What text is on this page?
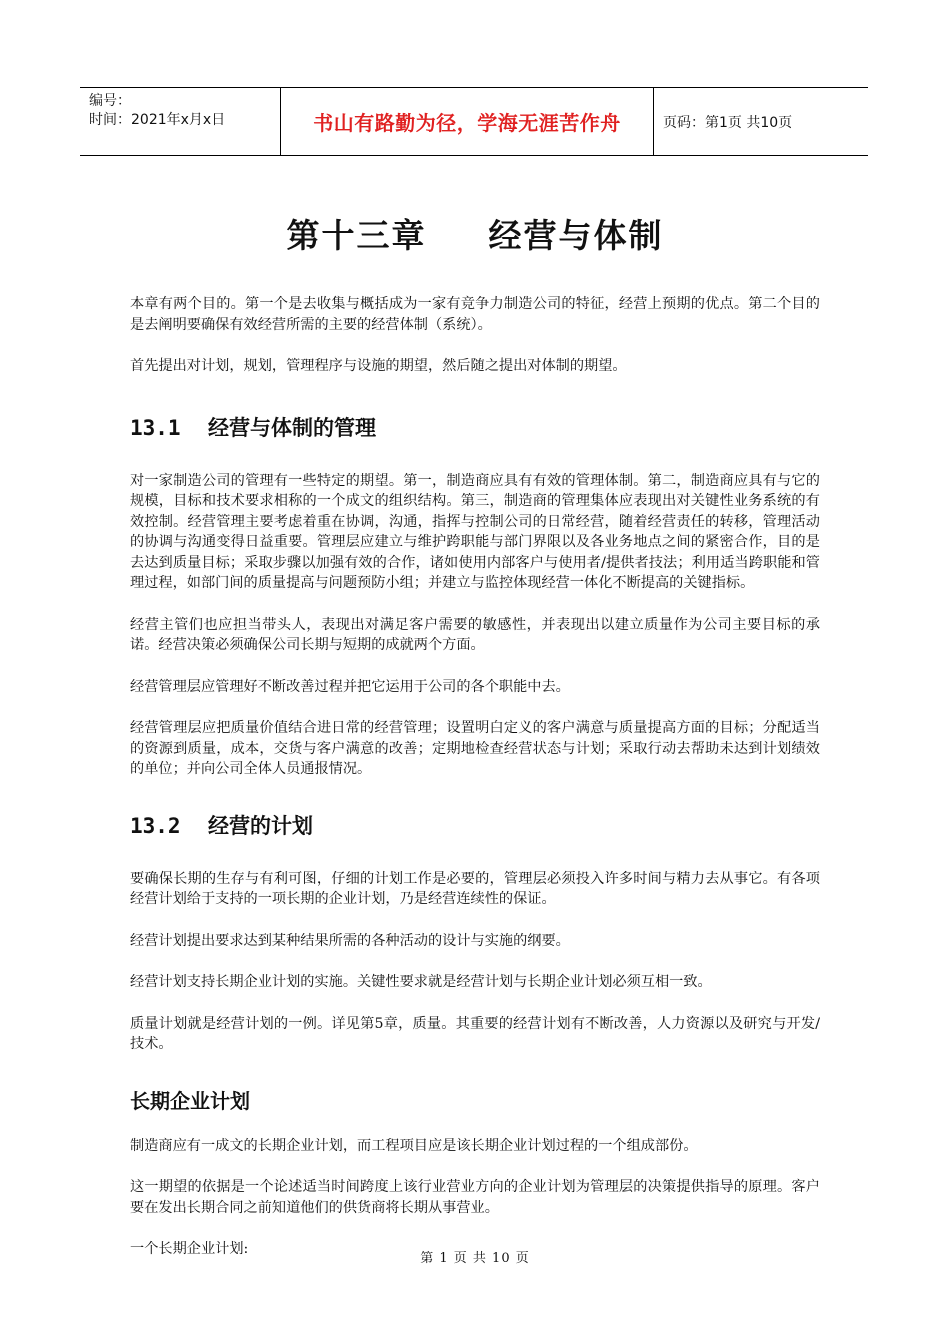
编号：
时间：2021年x月x日	书山有路勤为径，学海无涯苦作舟	页码：第1页 共10页
第十三章 经营与体制

本章有两个目的。第一个是去收集与概括成为一家有竞争力制造公司的特征，经营上预期的优点。第二个目的是去阐明要确保有效经营所需的主要的经营体制（系统）。

首先提出对计划，规划，管理程序与设施的期望，然后随之提出对体制的期望。

13.1 经营与体制的管理

对一家制造公司的管理有一些特定的期望。第一，制造商应具有有效的管理体制。第二，制造商应具有与它的规模，目标和技术要求相称的一个成文的组织结构。第三，制造商的管理集体应表现出对关键性业务系统的有效控制。经营管理主要考虑着重在协调，沟通，指挥与控制公司的日常经营，随着经营责任的转移，管理活动的协调与沟通变得日益重要。管理层应建立与维护跨职能与部门界限以及各业务地点之间的紧密合作，目的是去达到质量目标；采取步骤以加强有效的合作，诸如使用内部客户与使用者/提供者技法；利用适当跨职能和管理过程，如部门间的质量提高与问题预防小组；并建立与监控体现经营一体化不断提高的关键指标。

经营主管们也应担当带头人，表现出对满足客户需要的敏感性，并表现出以建立质量作为公司主要目标的承诺。经营决策必须确保公司长期与短期的成就两个方面。

经营管理层应管理好不断改善过程并把它运用于公司的各个职能中去。

经营管理层应把质量价值结合进日常的经营管理；设置明白定义的客户满意与质量提高方面的目标；分配适当的资源到质量，成本，交货与客户满意的改善；定期地检查经营状态与计划；采取行动去帮助未达到计划绩效的单位；并向公司全体人员通报情况。

13.2 经营的计划

要确保长期的生存与有利可图，仔细的计划工作是必要的，管理层必须投入许多时间与精力去从事它。有各项经营计划给于支持的一项长期的企业计划，乃是经营连续性的保证。

经营计划提出要求达到某种结果所需的各种活动的设计与实施的纲要。

经营计划支持长期企业计划的实施。关键性要求就是经营计划与长期企业计划必须互相一致。

质量计划就是经营计划的一例。详见第5章，质量。其重要的经营计划有不断改善，人力资源以及研究与开发/技术。

长期企业计划

制造商应有一成文的长期企业计划，而工程项目应是该长期企业计划过程的一个组成部份。

这一期望的依据是一个论述适当时间跨度上该行业营业方向的企业计划为管理层的决策提供指导的原理。客户要在发出长期合同之前知道他们的供货商将长期从事营业。

一个长期企业计划:

第 1 页 共 10 页
